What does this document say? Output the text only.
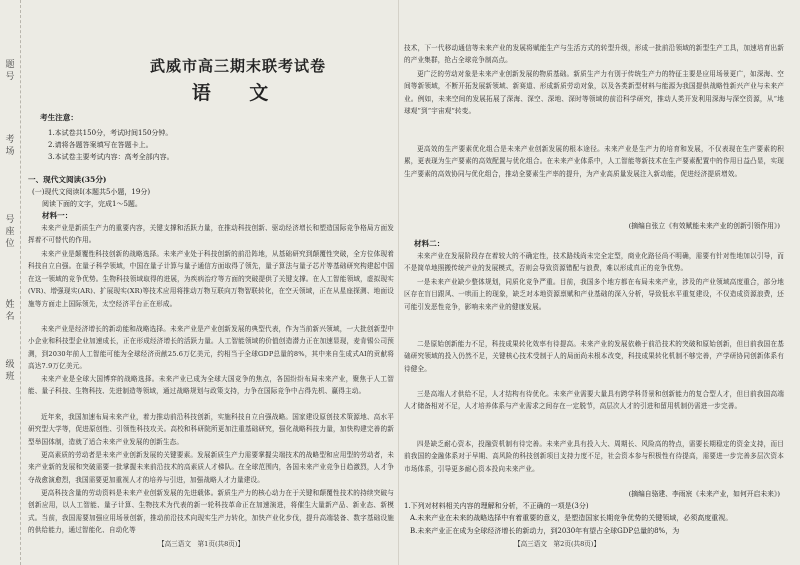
题
号
考
场
号
座
位
姓
名
级
班
武威市高三期末联考试卷
语 文
考生注意：
1.本试卷共150分，考试时间150分钟。
2.请将各题答案填写在答题卡上。
3.本试卷主要考试内容：高考全部内容。
一、现代文阅读(35分)
(一)现代文阅读Ⅰ(本题共5小题，19分)
阅读下面的文字，完成1～5题。
材料一：
未来产业是新质生产力的重要内容，关键支撑和活跃力量，在推动科技创新、驱动经济增长和塑造国际竞争格局方面发挥着不可替代的作用。
未来产业是颠覆性科技创新的战略选择。未来产业处于科技创新的前沿阵地，从基础研究到颠覆性突破，全方位体现着科技自立自强。在量子科学领域，中国在量子计算与量子通信方面取得了领先，量子算法与量子芯片等基础研究构建起中国在这一领域的竞争优势。生物科技领域取得的进展，为疾病治疗等方面的突破提供了关键支撑。在人工智能领域，虚拟现实(VR)、增强现实(AR)、扩展现实(XR)等技术应用将推动万物互联向万物智联转化，在空天领域，正在从星座探测、地面设施等方面走上国际领先，太空经济平台正在形成。
未来产业是经济增长的新动能和战略选择。未来产业是产业创新发展的典型代表，作为当前新兴领域，一大批创新型中小企业和科技型企业加速成长，正在形成经济增长的活跃力量。人工智能领域的价值创造潜力正在加速显现，麦肯锡公司预测，到2030年前人工智能可能为全球经济贡献25.6万亿美元，约相当于全球GDP总量的8%，其中来自生成式AI的贡献将高达7.9万亿美元。
未来产业是全球大国博弈的战略选择。未来产业已成为全球大国竞争的焦点，各国纷纷布局未来产业，聚焦于人工智能、量子科技、生物科技、先进制造等领域，通过战略规划与政策支持，力争在国际竞争中占得先机、赢得主动。
近年来，我国加速布局未来产业，着力推动前沿科技创新，实施科技自立自强战略。国家建设原创技术策源地、高水平研究型大学等，促进原创性、引领性科技攻关。高校和科研院所更加注重基础研究，强化战略科技力量，加快构建完善的新型举国体制，造就了适合未来产业发展的创新生态。
更高素质的劳动者是未来产业创新发展的关键要素。发展新质生产力需要掌握尖端技术的战略型和应用型的劳动者，未来产业新的发展和突破需要一批掌握未来前沿技术的高素质人才梯队。在全球范围内，各国未来产业竞争日趋激烈，人才争夺战愈演愈烈，我国需要更加重视人才的培养与引进，加强战略人才力量建设。
更高科技含量的劳动资料是未来产业创新发展的先进载体。新质生产力的核心动力在于关键和颠覆性技术的持续突破与创新应用，以人工智能、量子计算、生物技术为代表的新一轮科技革命正在加速演进，将催生大量新产品、新业态、新模式。当前，我国需要加强应用场景创新，推动前沿技术向现实生产力转化，加快产业化步伐，提升高端装备、数字基础设施的供给能力，通过智能化、自动化等
【高三语文　第1页(共8页)】
技术，下一代移动通信等未来产业的发展将赋能生产与生活方式的转型升级，形成一批前沿领域的新型生产工具，加速培育出新的产业集群，抢占全球竞争制高点。
更广泛的劳动对象是未来产业创新发展的物质基础。新质生产力有别于传统生产力的特征主要是应用场景更广，如深海、空间等新领域，不断开拓发展新领域、新赛道、形成新质劳动对象，以及各类新型材料与能源为我国提供战略性新兴产业与未来产业。例如，未来空间的发展拓展了深海、深空、深地、深时等领域的前沿科学研究，推动人类开发利用深海与深空资源，从“地球观”到“宇宙观”转变。
更高效的生产要素优化组合是未来产业创新发展的根本途径。未来产业是生产力的培育和发展，不仅表现在生产要素的积累，更表现为生产要素的高效配置与优化组合。在未来产业体系中，人工智能等新技术在生产要素配置中的作用日益凸显，实现生产要素的高效协同与优化组合，推动全要素生产率的提升，为产业高质量发展注入新动能，促进经济提质增效。
(摘编自张立《有效赋能未来产业的创新引领作用》)
材料二：
未来产业在发展阶段存在着较大的不确定性，技术路线尚未完全定型，商业化路径尚不明确，需要有针对性地加以引导，而不是简单地照搬传统产业的发展模式，否则会导致资源错配与浪费，难以形成真正的竞争优势。
一是未来产业缺少整体规划，同质化竞争严重。目前，我国多个地方都在布局未来产业，涉及的产业领域高度重合，部分地区存在盲目跟风、一哄而上的现象，缺乏对本地资源禀赋和产业基础的深入分析，导致低水平重复建设，不仅造成资源浪费，还可能引发恶性竞争，影响未来产业的健康发展。
二是原始创新能力不足，科技成果转化效率有待提高。未来产业的发展依赖于前沿技术的突破和原始创新，但目前我国在基础研究领域的投入仍然不足，关键核心技术受制于人的局面尚未根本改变，科技成果转化机制不够完善，产学研协同创新体系有待健全。
三是高端人才供给不足，人才结构有待优化。未来产业需要大量具有跨学科背景和创新能力的复合型人才，但目前我国高端人才储备相对不足，人才培养体系与产业需求之间存在一定脱节，高层次人才的引进和留用机制仍需进一步完善。
四是缺乏耐心资本，投融资机制有待完善。未来产业具有投入大、周期长、风险高的特点，需要长期稳定的资金支持，而目前我国的金融体系对于早期、高风险的科技创新项目支持力度不足，社会资本参与积极性有待提高，需要进一步完善多层次资本市场体系，引导更多耐心资本投向未来产业。
(摘编自骆建、李雨宸《未来产业，如何开启未来》)
1.下列对材料相关内容的理解和分析，不正确的一项是(3分)
A.未来产业在未来的战略选择中有着重要的意义，是塑造国家长期竞争优势的关键领域，必须高度重视。
B.未来产业正在成为全球经济增长的新动力，到2030年有望占全球GDP总量的8%，为
【高三语文　第2页(共8页)】
